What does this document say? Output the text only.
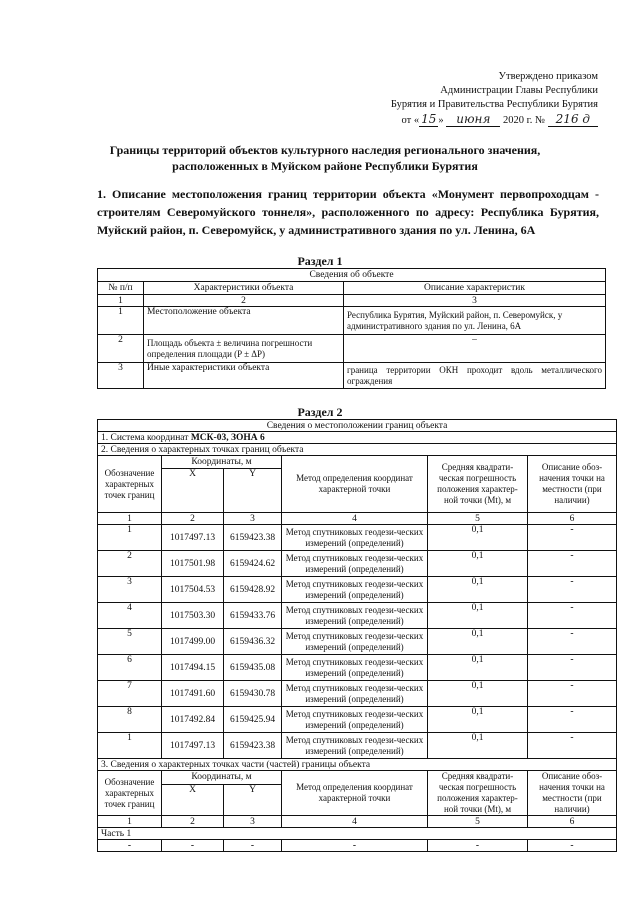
Утверждено приказом
Администрации Главы Республики
Бурятия и Правительства Республики Бурятия
от « 15 » июня 2020 г. № 216 д
Границы территорий объектов культурного наследия регионального значения, расположенных в Муйском районе Республики Бурятия
1. Описание местоположения границ территории объекта «Монумент первопроходцам - строителям Северомуйского тоннеля», расположенного по адресу: Республика Бурятия, Муйский район, п. Северомуйск, у административного здания по ул. Ленина, 6А
Раздел 1
Сведения об объекте		
№ п/п	Характеристики объекта	Описание характеристик
1	2	3
1	Местоположение объекта	Республика Бурятия, Муйский район, п. Северомуйск, у административного здания по ул. Ленина, 6А
2	Площадь объекта ± величина погрешности определения площади (P ± ΔP)	–
3	Иные характеристики объекта	граница территории ОКН проходит вдоль металлического ограждения
Раздел 2
Сведения о местоположении границ объекта					
1. Система координат МСК-03, ЗОНА 6					
2. Сведения о характерных точках границ объекта					
Обозначение характерных точек границ	Координаты, м		Метод определения координат характерной точки	Средняя квадрати-ческая погрешность положения характер-ной точки (Mt), м	Описание обоз-начения точки на местности (при наличии)
	X	Y			
1	2	3	4	5	6
1	1017497.13	6159423.38	Метод спутниковых геодези-ческих измерений (определений)	0,1	-
2	1017501.98	6159424.62	Метод спутниковых геодези-ческих измерений (определений)	0,1	-
3	1017504.53	6159428.92	Метод спутниковых геодези-ческих измерений (определений)	0,1	-
4	1017503.30	6159433.76	Метод спутниковых геодези-ческих измерений (определений)	0,1	-
5	1017499.00	6159436.32	Метод спутниковых геодези-ческих измерений (определений)	0,1	-
6	1017494.15	6159435.08	Метод спутниковых геодези-ческих измерений (определений)	0,1	-
7	1017491.60	6159430.78	Метод спутниковых геодези-ческих измерений (определений)	0,1	-
8	1017492.84	6159425.94	Метод спутниковых геодези-ческих измерений (определений)	0,1	-
1	1017497.13	6159423.38	Метод спутниковых геодези-ческих измерений (определений)	0,1	-
3. Сведения о характерных точках части (частей) границы объекта					
Обозначение характерных точек границ	Координаты, м		Метод определения координат характерной точки	Средняя квадрати-ческая погрешность положения характер-ной точки (Mt), м	Описание обоз-начения точки на местности (при наличии)
	X	Y			
1	2	3	4	5	6
Часть 1					
-	-	-	-	-	-
